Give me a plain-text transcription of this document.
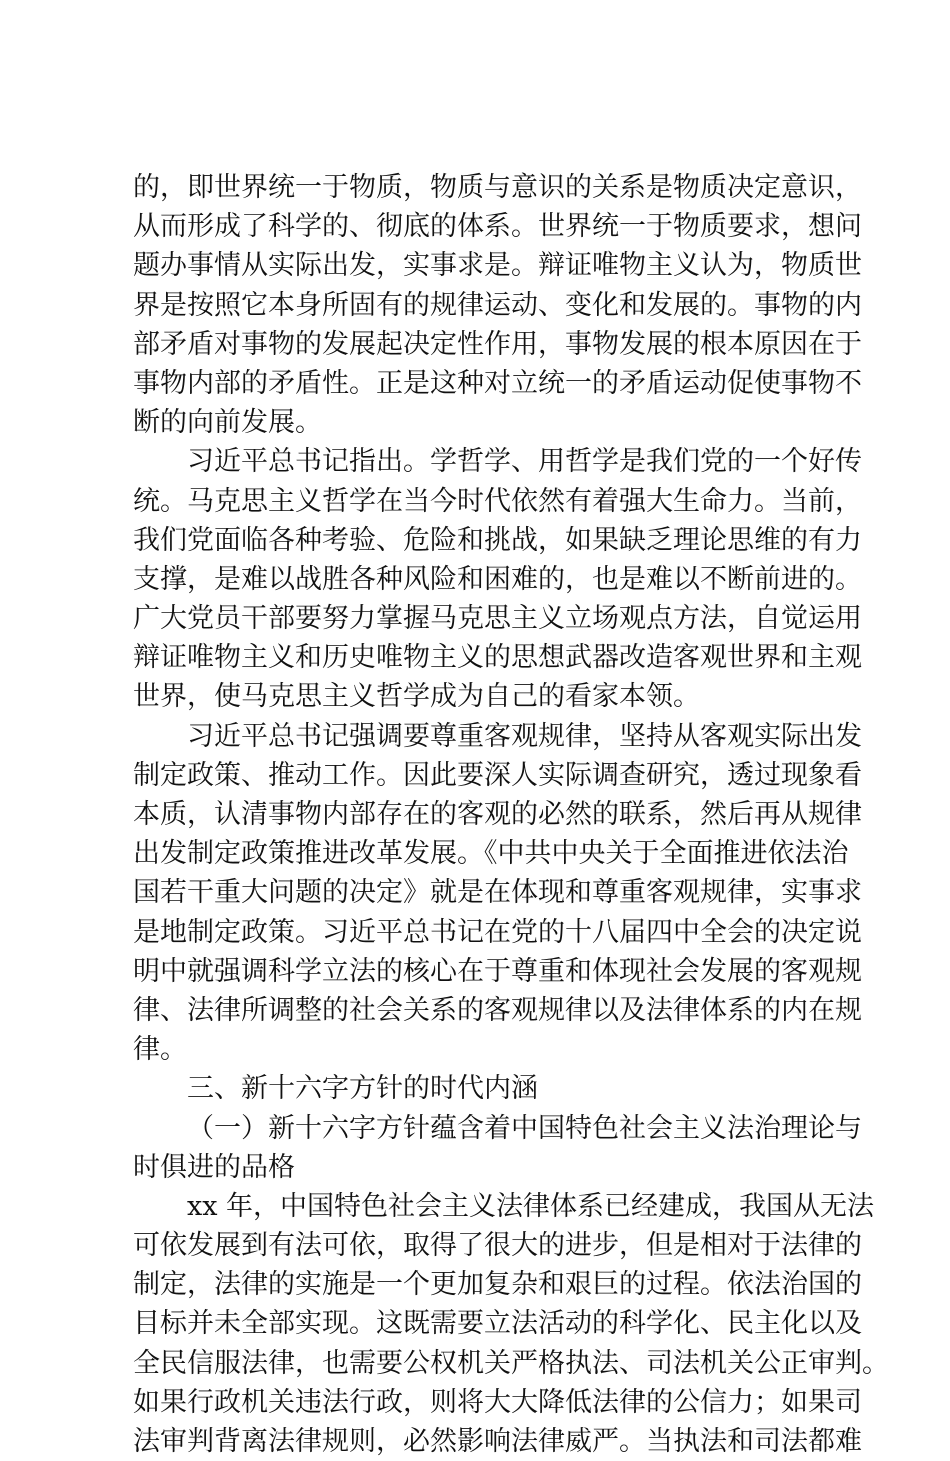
的，即世界统一于物质，物质与意识的关系是物质决定意识，
从而形成了科学的、彻底的体系。世界统一于物质要求，想问
题办事情从实际出发，实事求是。辩证唯物主义认为，物质世
界是按照它本身所固有的规律运动、变化和发展的。事物的内
部矛盾对事物的发展起决定性作用，事物发展的根本原因在于
事物内部的矛盾性。正是这种对立统一的矛盾运动促使事物不
断的向前发展。
习近平总书记指出。学哲学、用哲学是我们党的一个好传
统。马克思主义哲学在当今时代依然有着强大生命力。当前，
我们党面临各种考验、危险和挑战，如果缺乏理论思维的有力
支撑，是难以战胜各种风险和困难的，也是难以不断前进的。
广大党员干部要努力掌握马克思主义立场观点方法，自觉运用
辩证唯物主义和历史唯物主义的思想武器改造客观世界和主观
世界，使马克思主义哲学成为自己的看家本领。
习近平总书记强调要尊重客观规律，坚持从客观实际出发
制定政策、推动工作。因此要深人实际调查研究，透过现象看
本质，认清事物内部存在的客观的必然的联系，然后再从规律
出发制定政策推进改革发展。《中共中央关于全面推进依法治
国若干重大问题的决定》就是在体现和尊重客观规律，实事求
是地制定政策。习近平总书记在党的十八届四中全会的决定说
明中就强调科学立法的核心在于尊重和体现社会发展的客观规
律、法律所调整的社会关系的客观规律以及法律体系的内在规
律。
三、新十六字方针的时代内涵
（一）新十六字方针蕴含着中国特色社会主义法治理论与
时俱进的品格
xx 年，中国特色社会主义法律体系已经建成，我国从无法
可依发展到有法可依，取得了很大的进步，但是相对于法律的
制定，法律的实施是一个更加复杂和艰巨的过程。依法治国的
目标并未全部实现。这既需要立法活动的科学化、民主化以及
全民信服法律，也需要公权机关严格执法、司法机关公正审判。
如果行政机关违法行政，则将大大降低法律的公信力；如果司
法审判背离法律规则，必然影响法律威严。当执法和司法都难
